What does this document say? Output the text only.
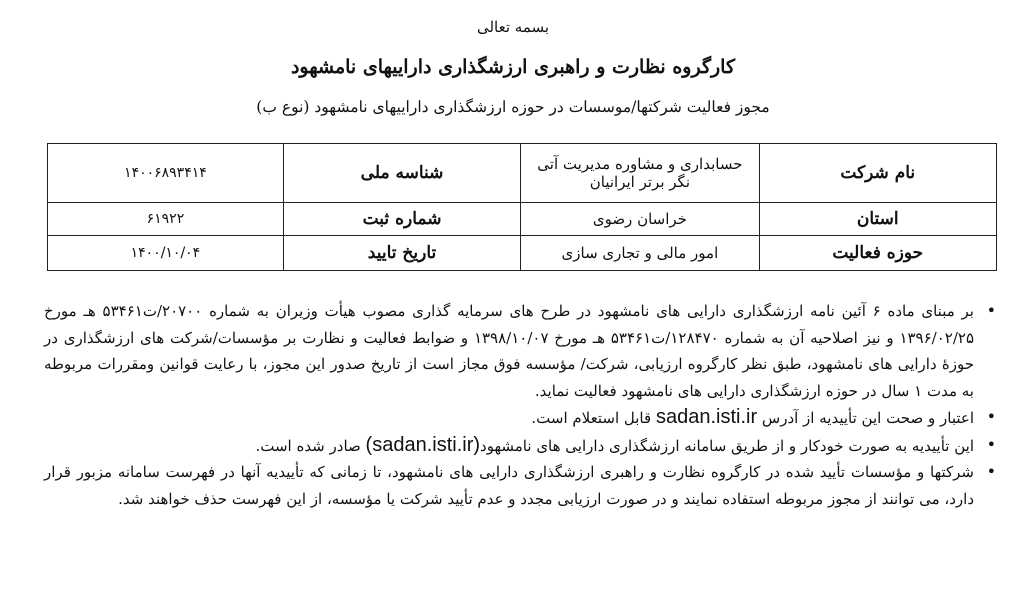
بسمه تعالی
کارگروه نظارت و راهبری ارزشگذاری داراییهای نامشهود
مجوز فعالیت شرکتها/موسسات در حوزه ارزشگذاری داراییهای نامشهود (نوع ب)
نام شرکت	حسابداری و مشاوره مدیریت آتی نگر برتر ایرانیان	شناسه ملی	۱۴۰۰۶۸۹۳۴۱۴
استان	خراسان رضوی	شماره ثبت	۶۱۹۲۲
حوزه فعالیت	امور مالی و تجاری سازی	تاریخ تایید	۱۴۰۰/۱۰/۰۴
•
بر مبنای ماده ۶ آئین نامه ارزشگذاری دارایی های نامشهود در طرح های سرمایه گذاری مصوب هیأت وزیران به شماره ۲۰۷۰۰/ت۵۳۴۶۱ هـ مورخ ۱۳۹۶/۰۲/۲۵ و نیز اصلاحیه آن به شماره ۱۲۸۴۷۰/ت۵۳۴۶۱ هـ مورخ ۱۳۹۸/۱۰/۰۷ و ضوابط فعالیت و نظارت بر مؤسسات/شرکت های ارزشگذاری در حوزهٔ دارایی های نامشهود، طبق نظر کارگروه ارزیابی، شرکت/ مؤسسه فوق مجاز است از تاریخ صدور این مجوز، با رعایت قوانین ومقررات مربوطه به مدت ۱ سال در حوزه ارزشگذاری دارایی های نامشهود فعالیت نماید.
•
اعتبار و صحت این تأییدیه از آدرس sadan.isti.ir قابل استعلام است.
•
این تأییدیه به صورت خودکار و از طریق سامانه ارزشگذاری دارایی های نامشهود(sadan.isti.ir) صادر شده است.
•
شرکتها و مؤسسات تأیید شده در کارگروه نظارت و راهبری ارزشگذاری دارایی های نامشهود، تا زمانی که تأییدیه آنها در فهرست سامانه مزبور قرار دارد، می توانند از مجوز مربوطه استفاده نمایند و در صورت ارزیابی مجدد و عدم تأیید شرکت یا مؤسسه، از این فهرست حذف خواهند شد.
